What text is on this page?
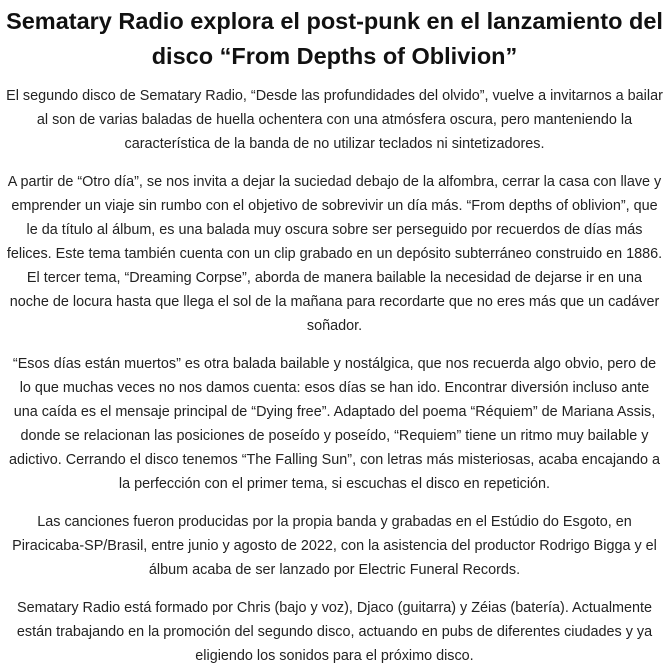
Sematary Radio explora el post-punk en el lanzamiento del disco “From Depths of Oblivion”

El segundo disco de Sematary Radio, “Desde las profundidades del olvido”, vuelve a invitarnos a bailar al son de varias baladas de huella ochentera con una atmósfera oscura, pero manteniendo la característica de la banda de no utilizar teclados ni sintetizadores.

A partir de “Otro día”, se nos invita a dejar la suciedad debajo de la alfombra, cerrar la casa con llave y emprender un viaje sin rumbo con el objetivo de sobrevivir un día más. “From depths of oblivion”, que le da título al álbum, es una balada muy oscura sobre ser perseguido por recuerdos de días más felices. Este tema también cuenta con un clip grabado en un depósito subterráneo construido en 1886. El tercer tema, “Dreaming Corpse”, aborda de manera bailable la necesidad de dejarse ir en una noche de locura hasta que llega el sol de la mañana para recordarte que no eres más que un cadáver soñador.

“Esos días están muertos” es otra balada bailable y nostálgica, que nos recuerda algo obvio, pero de lo que muchas veces no nos damos cuenta: esos días se han ido. Encontrar diversión incluso ante una caída es el mensaje principal de “Dying free”. Adaptado del poema “Réquiem” de Mariana Assis, donde se relacionan las posiciones de poseído y poseído, “Requiem” tiene un ritmo muy bailable y adictivo. Cerrando el disco tenemos “The Falling Sun”, con letras más misteriosas, acaba encajando a la perfección con el primer tema, si escuchas el disco en repetición.

Las canciones fueron producidas por la propia banda y grabadas en el Estúdio do Esgoto, en Piracicaba-SP/Brasil, entre junio y agosto de 2022, con la asistencia del productor Rodrigo Bigga y el álbum acaba de ser lanzado por Electric Funeral Records.

Sematary Radio está formado por Chris (bajo y voz), Djaco (guitarra) y Zéias (batería). Actualmente están trabajando en la promoción del segundo disco, actuando en pubs de diferentes ciudades y ya eligiendo los sonidos para el próximo disco.
